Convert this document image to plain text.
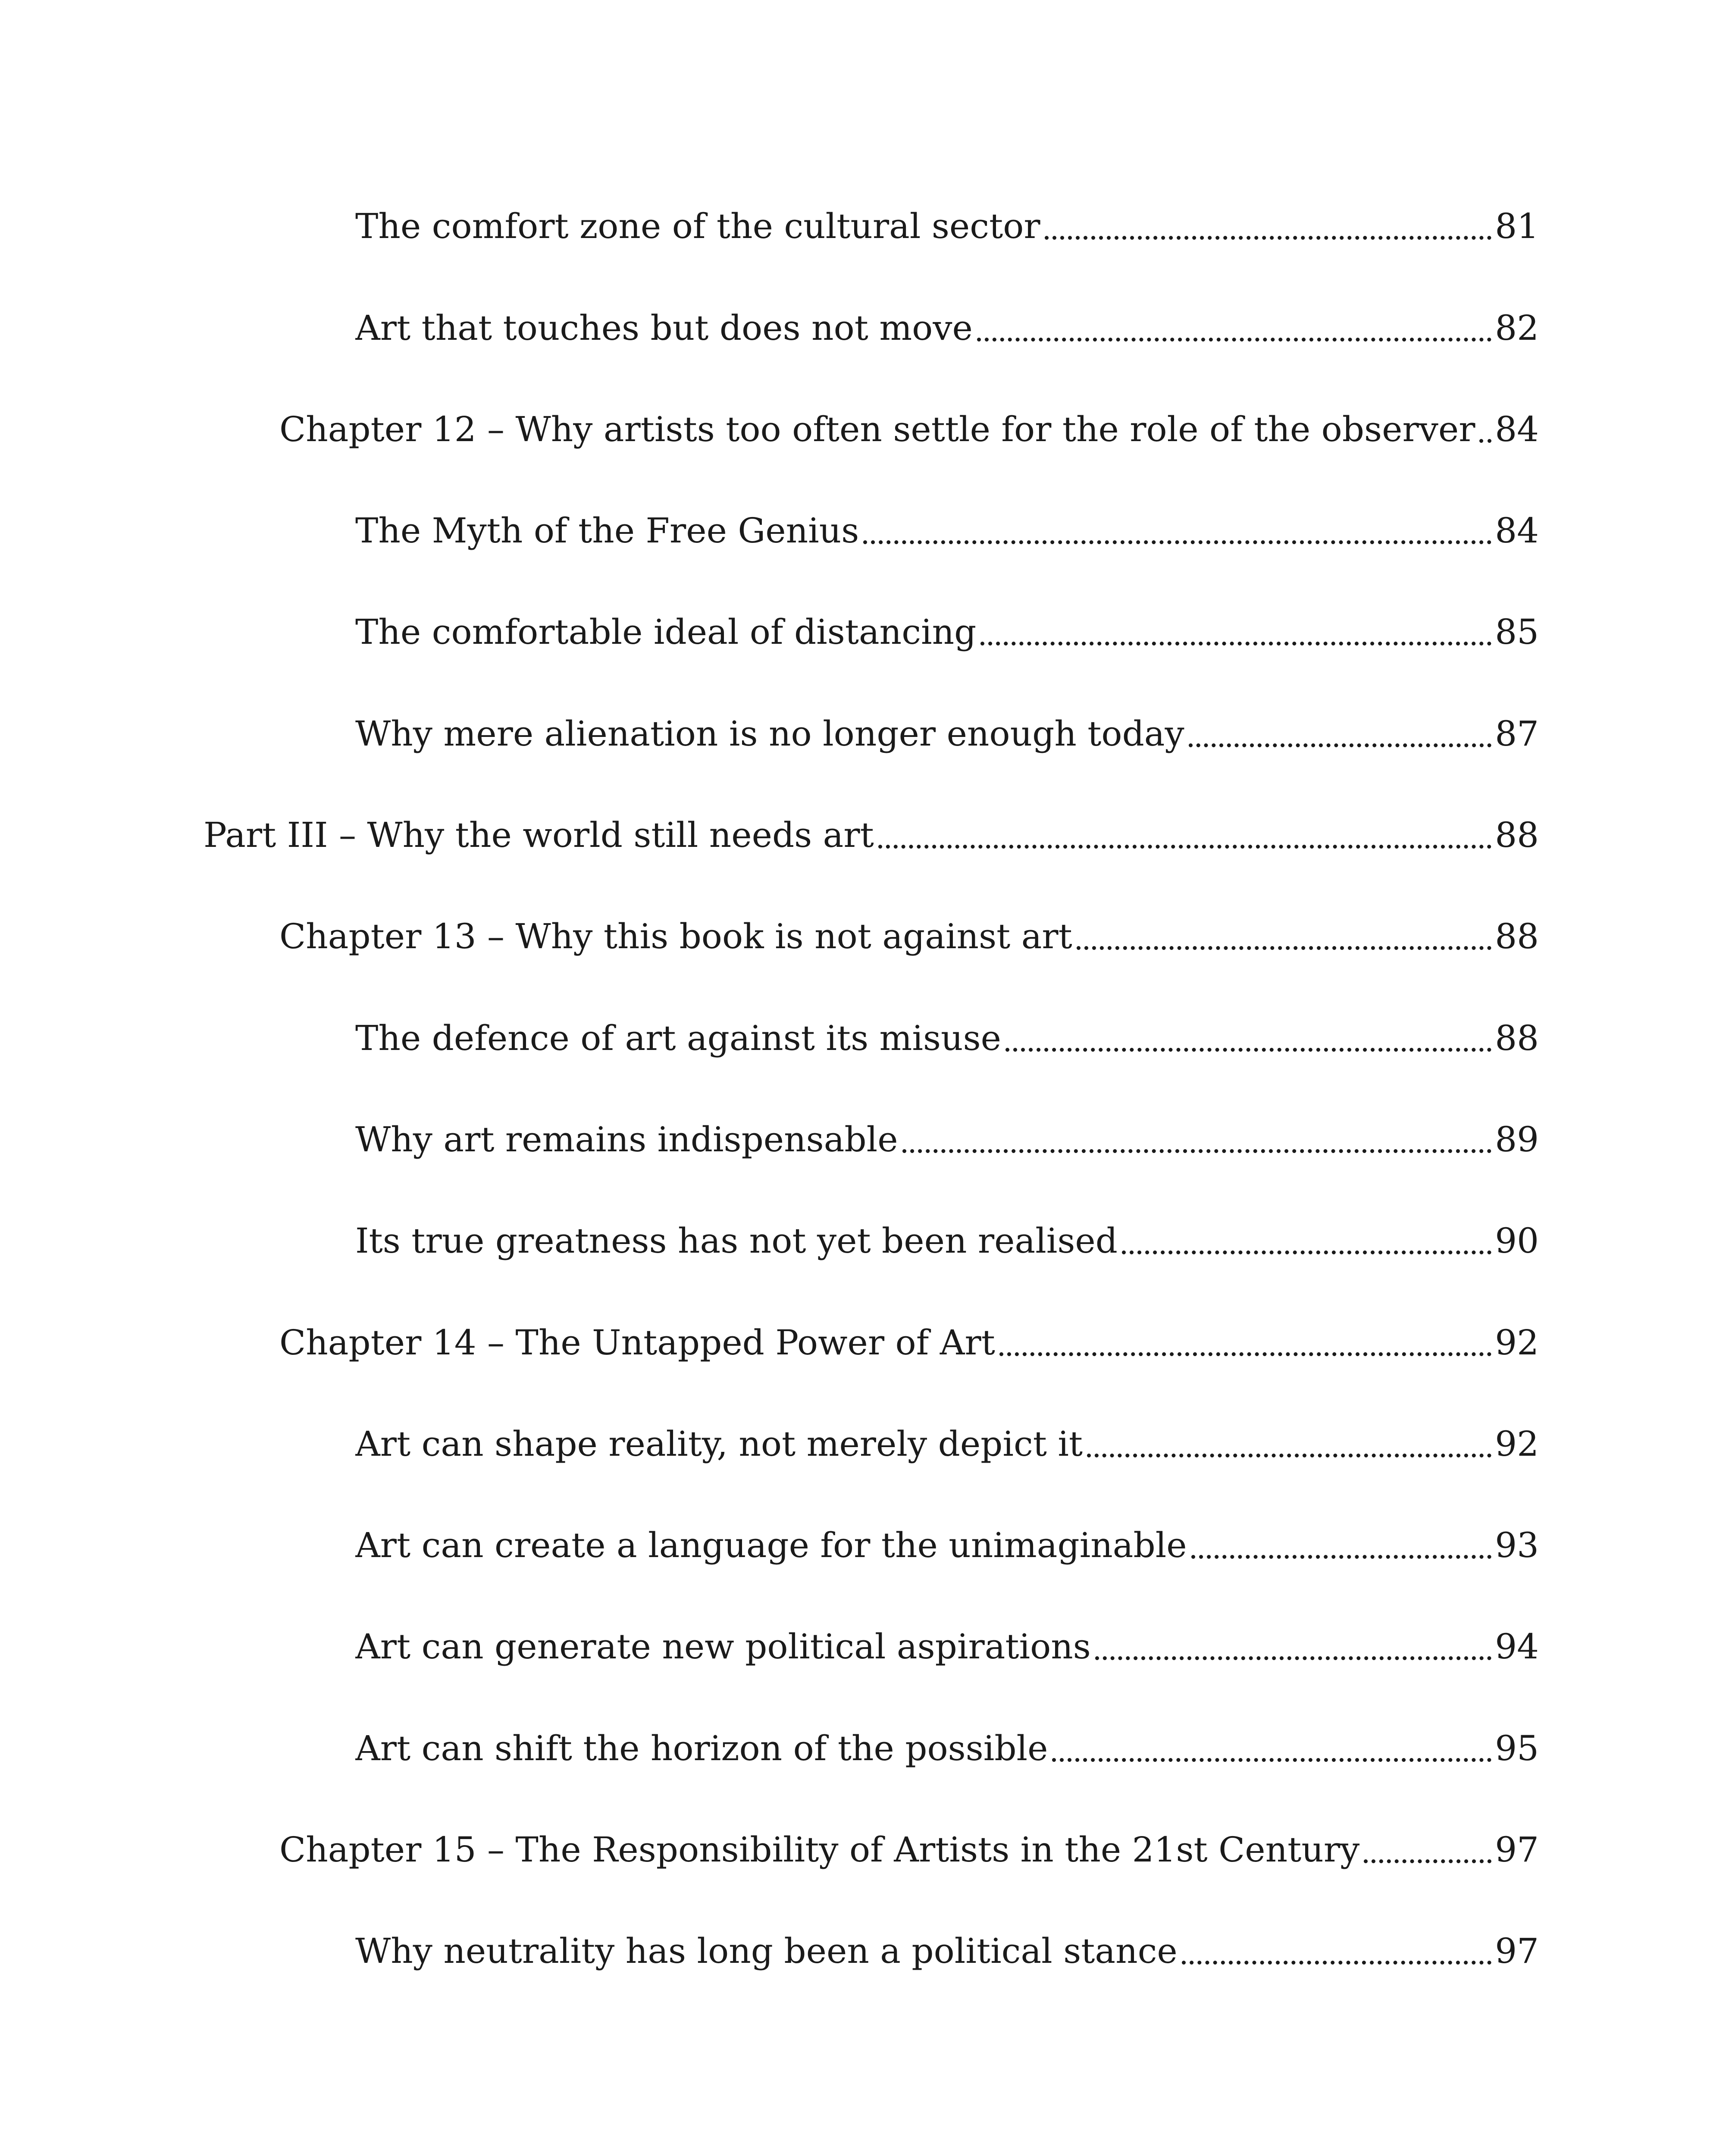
The comfort zone of the cultural sector	81
Art that touches but does not move	82
Chapter 12 – Why artists too often settle for the role of the observer 84
The Myth of the Free Genius	84
The comfortable ideal of distancing	85
Why mere alienation is no longer enough today	87
Part III – Why the world still needs art	88
Chapter 13 – Why this book is not against art	88
The defence of art against its misuse	88
Why art remains indispensable	89
Its true greatness has not yet been realised	90
Chapter 14 – The Untapped Power of Art	92
Art can shape reality, not merely depict it	92
Art can create a language for the unimaginable	93
Art can generate new political aspirations	94
Art can shift the horizon of the possible	95
Chapter 15 – The Responsibility of Artists in the 21st Century	97
Why neutrality has long been a political stance	97
